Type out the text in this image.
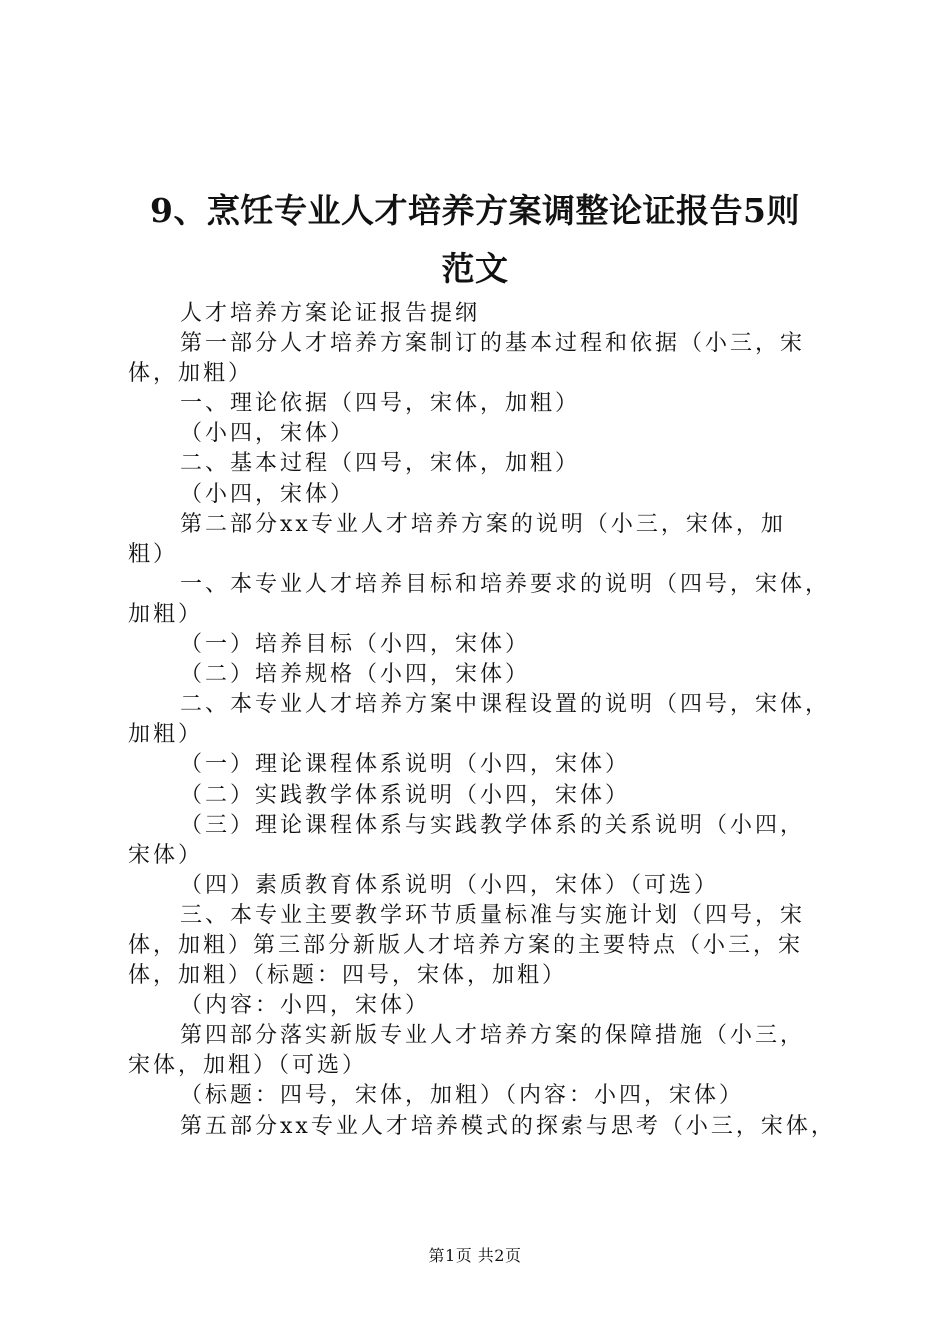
9、烹饪专业人才培养方案调整论证报告5则
范文
人才培养方案论证报告提纲
第一部分人才培养方案制订的基本过程和依据（小三，宋
体，加粗）
一、理论依据（四号，宋体，加粗）
（小四，宋体）
二、基本过程（四号，宋体，加粗）
（小四，宋体）
第二部分xx专业人才培养方案的说明（小三，宋体，加
粗）
一、本专业人才培养目标和培养要求的说明（四号，宋体，
加粗）
（一）培养目标（小四，宋体）
（二）培养规格（小四，宋体）
二、本专业人才培养方案中课程设置的说明（四号，宋体，
加粗）
（一）理论课程体系说明（小四，宋体）
（二）实践教学体系说明（小四，宋体）
（三）理论课程体系与实践教学体系的关系说明（小四，
宋体）
（四）素质教育体系说明（小四，宋体）（可选）
三、本专业主要教学环节质量标准与实施计划（四号，宋
体，加粗）第三部分新版人才培养方案的主要特点（小三，宋
体，加粗）（标题：四号，宋体，加粗）
（内容：小四，宋体）
第四部分落实新版专业人才培养方案的保障措施（小三，
宋体，加粗）（可选）
（标题：四号，宋体，加粗）（内容：小四，宋体）
第五部分xx专业人才培养模式的探索与思考（小三，宋体，
第1页 共2页
